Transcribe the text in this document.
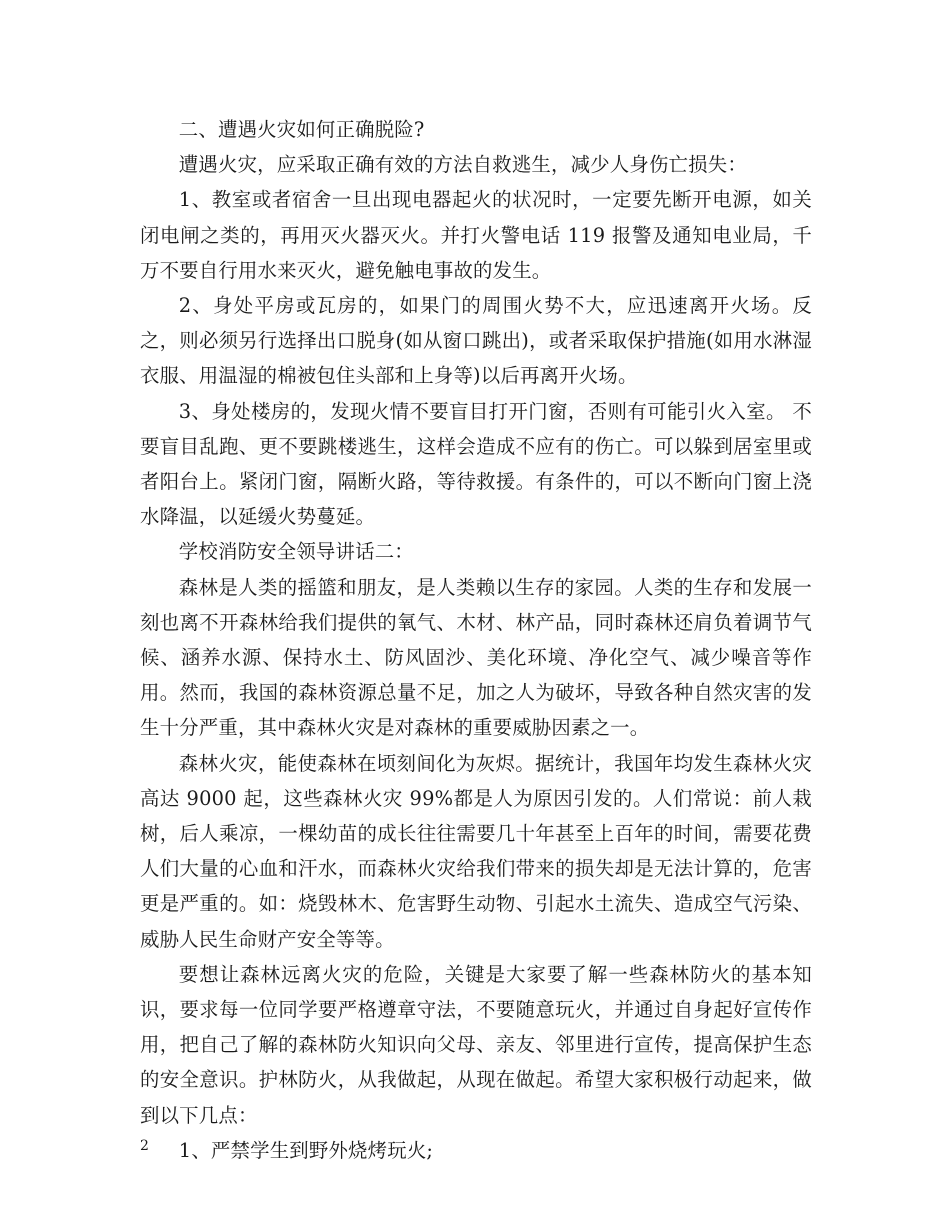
二、遭遇火灾如何正确脱险?

遭遇火灾，应采取正确有效的方法自救逃生，减少人身伤亡损失：

1、教室或者宿舍一旦出现电器起火的状况时，一定要先断开电源，如关闭电闸之类的，再用灭火器灭火。并打火警电话 119 报警及通知电业局，千万不要自行用水来灭火，避免触电事故的发生。

2、身处平房或瓦房的，如果门的周围火势不大，应迅速离开火场。反之，则必须另行选择出口脱身(如从窗口跳出)，或者采取保护措施(如用水淋湿衣服、用温湿的棉被包住头部和上身等)以后再离开火场。

3、身处楼房的，发现火情不要盲目打开门窗，否则有可能引火入室。 不要盲目乱跑、更不要跳楼逃生，这样会造成不应有的伤亡。可以躲到居室里或者阳台上。紧闭门窗，隔断火路，等待救援。有条件的，可以不断向门窗上浇水降温，以延缓火势蔓延。

学校消防安全领导讲话二：

森林是人类的摇篮和朋友，是人类赖以生存的家园。人类的生存和发展一刻也离不开森林给我们提供的氧气、木材、林产品，同时森林还肩负着调节气候、涵养水源、保持水土、防风固沙、美化环境、净化空气、减少噪音等作用。然而，我国的森林资源总量不足，加之人为破坏，导致各种自然灾害的发生十分严重，其中森林火灾是对森林的重要威胁因素之一。

森林火灾，能使森林在顷刻间化为灰烬。据统计，我国年均发生森林火灾高达 9000 起，这些森林火灾 99%都是人为原因引发的。人们常说：前人栽树，后人乘凉，一棵幼苗的成长往往需要几十年甚至上百年的时间，需要花费人们大量的心血和汗水，而森林火灾给我们带来的损失却是无法计算的，危害更是严重的。如：烧毁林木、危害野生动物、引起水土流失、造成空气污染、威胁人民生命财产安全等等。

要想让森林远离火灾的危险，关键是大家要了解一些森林防火的基本知识，要求每一位同学要严格遵章守法，不要随意玩火，并通过自身起好宣传作用，把自己了解的森林防火知识向父母、亲友、邻里进行宣传，提高保护生态的安全意识。护林防火，从我做起，从现在做起。希望大家积极行动起来，做到以下几点：

1、严禁学生到野外烧烤玩火;

2
